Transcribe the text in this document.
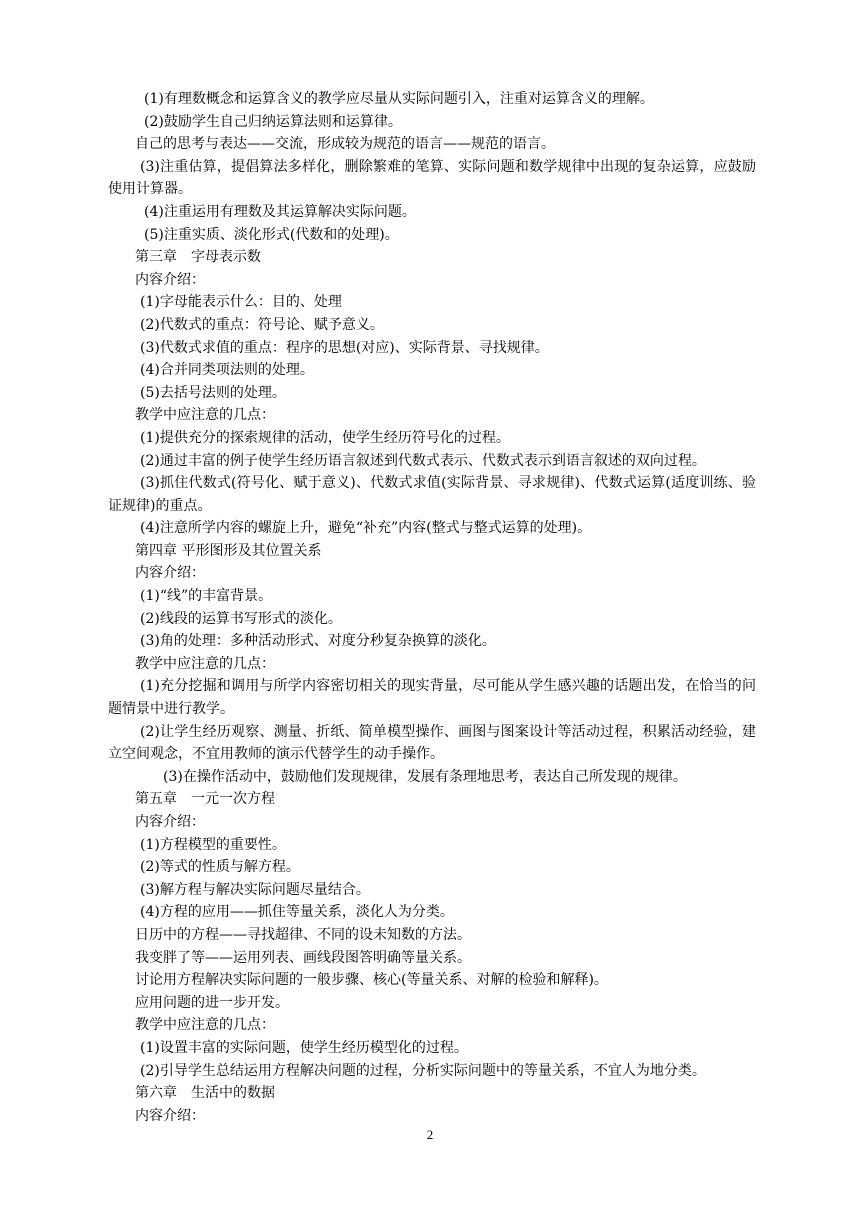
(1)有理数概念和运算含义的教学应尽量从实际问题引入，注重对运算含义的理解。
(2)鼓励学生自己归纳运算法则和运算律。
自己的思考与表达——交流，形成较为规范的语言——规范的语言。
(3)注重估算，提倡算法多样化，删除繁难的笔算、实际问题和数学规律中出现的复杂运算，应鼓励使用计算器。
(4)注重运用有理数及其运算解决实际问题。
(5)注重实质、淡化形式(代数和的处理)。
第三章　字母表示数
内容介绍：
(1)字母能表示什么：目的、处理
(2)代数式的重点：符号论、赋予意义。
(3)代数式求值的重点：程序的思想(对应)、实际背景、寻找规律。
(4)合并同类项法则的处理。
(5)去括号法则的处理。
教学中应注意的几点：
(1)提供充分的探索规律的活动，使学生经历符号化的过程。
(2)通过丰富的例子使学生经历语言叙述到代数式表示、代数式表示到语言叙述的双向过程。
(3)抓住代数式(符号化、赋于意义)、代数式求值(实际背景、寻求规律)、代数式运算(适度训练、验证规律)的重点。
(4)注意所学内容的螺旋上升，避免“补充”内容(整式与整式运算的处理)。
第四章 平形图形及其位置关系
内容介绍：
(1)“线”的丰富背景。
(2)线段的运算书写形式的淡化。
(3)角的处理：多种活动形式、对度分秒复杂换算的淡化。
教学中应注意的几点：
(1)充分挖掘和调用与所学内容密切相关的现实背量，尽可能从学生感兴趣的话题出发，在恰当的问题情景中进行教学。
(2)让学生经历观察、测量、折纸、简单模型操作、画图与图案设计等活动过程，积累活动经验，建立空间观念，不宜用教师的演示代替学生的动手操作。
(3)在操作活动中，鼓励他们发现规律，发展有条理地思考，表达自己所发现的规律。
第五章　一元一次方程
内容介绍：
(1)方程模型的重要性。
(2)等式的性质与解方程。
(3)解方程与解决实际问题尽量结合。
(4)方程的应用——抓住等量关系，淡化人为分类。
日历中的方程——寻找超律、不同的设未知数的方法。
我变胖了等——运用列表、画线段图答明确等量关系。
讨论用方程解决实际问题的一般步骤、核心(等量关系、对解的检验和解释)。
应用问题的进一步开发。
教学中应注意的几点：
(1)设置丰富的实际问题，使学生经历模型化的过程。
(2)引导学生总结运用方程解决问题的过程，分析实际问题中的等量关系，不宜人为地分类。
第六章　生活中的数据
内容介绍：
2
